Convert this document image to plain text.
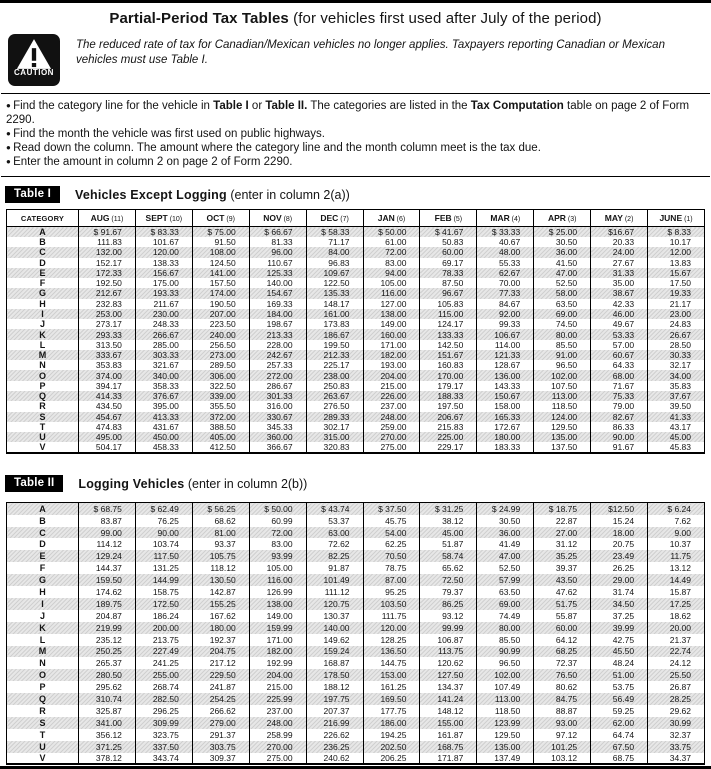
Partial-Period Tax Tables (for vehicles first used after July of the period)
CAUTION

The reduced rate of tax for Canadian/Mexican vehicles no longer applies. Taxpayers reporting Canadian or Mexican vehicles must use Table I.

● Find the category line for the vehicle in Table I or Table II. The categories are listed in the Tax Computation table on page 2 of Form 2290.
● Find the month the vehicle was first used on public highways.
● Read down the column. The amount where the category line and the month column meet is the tax due.
● Enter the amount in column 2 on page 2 of Form 2290.
Table I	Vehicles Except Logging (enter in column 2(a))
CATEGORY	AUG (11)	SEPT (10)	OCT (9)	NOV (8)	DEC (7)	JAN (6)	FEB (5)	MAR (4)	APR (3)	MAY (2)	JUNE (1)
A	$ 91.67	$ 83.33	$ 75.00	$ 66.67	$ 58.33	$ 50.00	$ 41.67	$ 33.33	$ 25.00	$16.67	$ 8.33
B	111.83	101.67	91.50	81.33	71.17	61.00	50.83	40.67	30.50	20.33	10.17
C	132.00	120.00	108.00	96.00	84.00	72.00	60.00	48.00	36.00	24.00	12.00
D	152.17	138.33	124.50	110.67	96.83	83.00	69.17	55.33	41.50	27.67	13.83
E	172.33	156.67	141.00	125.33	109.67	94.00	78.33	62.67	47.00	31.33	15.67
F	192.50	175.00	157.50	140.00	122.50	105.00	87.50	70.00	52.50	35.00	17.50
G	212.67	193.33	174.00	154.67	135.33	116.00	96.67	77.33	58.00	38.67	19.33
H	232.83	211.67	190.50	169.33	148.17	127.00	105.83	84.67	63.50	42.33	21.17
I	253.00	230.00	207.00	184.00	161.00	138.00	115.00	92.00	69.00	46.00	23.00
J	273.17	248.33	223.50	198.67	173.83	149.00	124.17	99.33	74.50	49.67	24.83
K	293.33	266.67	240.00	213.33	186.67	160.00	133.33	106.67	80.00	53.33	26.67
L	313.50	285.00	256.50	228.00	199.50	171.00	142.50	114.00	85.50	57.00	28.50
M	333.67	303.33	273.00	242.67	212.33	182.00	151.67	121.33	91.00	60.67	30.33
N	353.83	321.67	289.50	257.33	225.17	193.00	160.83	128.67	96.50	64.33	32.17
O	374.00	340.00	306.00	272.00	238.00	204.00	170.00	136.00	102.00	68.00	34.00
P	394.17	358.33	322.50	286.67	250.83	215.00	179.17	143.33	107.50	71.67	35.83
Q	414.33	376.67	339.00	301.33	263.67	226.00	188.33	150.67	113.00	75.33	37.67
R	434.50	395.00	355.50	316.00	276.50	237.00	197.50	158.00	118.50	79.00	39.50
S	454.67	413.33	372.00	330.67	289.33	248.00	206.67	165.33	124.00	82.67	41.33
T	474.83	431.67	388.50	345.33	302.17	259.00	215.83	172.67	129.50	86.33	43.17
U	495.00	450.00	405.00	360.00	315.00	270.00	225.00	180.00	135.00	90.00	45.00
V	504.17	458.33	412.50	366.67	320.83	275.00	229.17	183.33	137.50	91.67	45.83
Table II	Logging Vehicles (enter in column 2(b))
A	$ 68.75	$ 62.49	$ 56.25	$ 50.00	$ 43.74	$ 37.50	$ 31.25	$ 24.99	$ 18.75	$12.50	$ 6.24
B	83.87	76.25	68.62	60.99	53.37	45.75	38.12	30.50	22.87	15.24	7.62
C	99.00	90.00	81.00	72.00	63.00	54.00	45.00	36.00	27.00	18.00	9.00
D	114.12	103.74	93.37	83.00	72.62	62.25	51.87	41.49	31.12	20.75	10.37
E	129.24	117.50	105.75	93.99	82.25	70.50	58.74	47.00	35.25	23.49	11.75
F	144.37	131.25	118.12	105.00	91.87	78.75	65.62	52.50	39.37	26.25	13.12
G	159.50	144.99	130.50	116.00	101.49	87.00	72.50	57.99	43.50	29.00	14.49
H	174.62	158.75	142.87	126.99	111.12	95.25	79.37	63.50	47.62	31.74	15.87
I	189.75	172.50	155.25	138.00	120.75	103.50	86.25	69.00	51.75	34.50	17.25
J	204.87	186.24	167.62	149.00	130.37	111.75	93.12	74.49	55.87	37.25	18.62
K	219.99	200.00	180.00	159.99	140.00	120.00	99.99	80.00	60.00	39.99	20.00
L	235.12	213.75	192.37	171.00	149.62	128.25	106.87	85.50	64.12	42.75	21.37
M	250.25	227.49	204.75	182.00	159.24	136.50	113.75	90.99	68.25	45.50	22.74
N	265.37	241.25	217.12	192.99	168.87	144.75	120.62	96.50	72.37	48.24	24.12
O	280.50	255.00	229.50	204.00	178.50	153.00	127.50	102.00	76.50	51.00	25.50
P	295.62	268.74	241.87	215.00	188.12	161.25	134.37	107.49	80.62	53.75	26.87
Q	310.74	282.50	254.25	225.99	197.75	169.50	141.24	113.00	84.75	56.49	28.25
R	325.87	296.25	266.62	237.00	207.37	177.75	148.12	118.50	88.87	59.25	29.62
S	341.00	309.99	279.00	248.00	216.99	186.00	155.00	123.99	93.00	62.00	30.99
T	356.12	323.75	291.37	258.99	226.62	194.25	161.87	129.50	97.12	64.74	32.37
U	371.25	337.50	303.75	270.00	236.25	202.50	168.75	135.00	101.25	67.50	33.75
V	378.12	343.74	309.37	275.00	240.62	206.25	171.87	137.49	103.12	68.75	34.37
